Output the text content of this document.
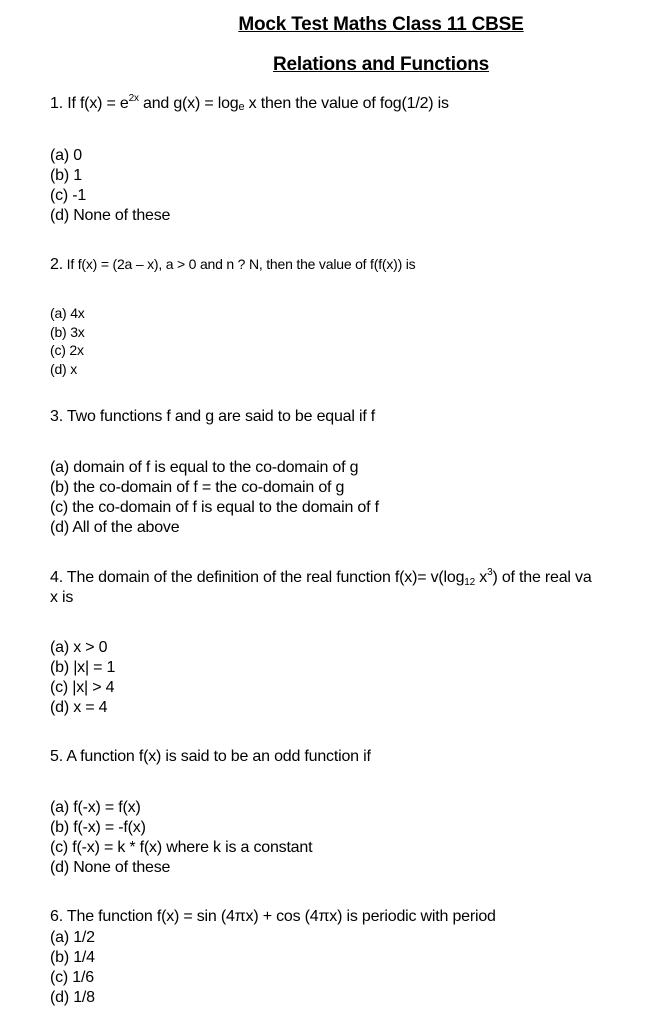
Mock Test Maths Class 11 CBSE
Relations and Functions
1. If $f(x) = e^{2x}$ and g(x) = loge x then the value of fog(1/2) is
(a) 0
(b) 1
(c) -1
(d) None of these
2. If f(x) = (2a – x), a > 0 and n ? N, then the value of f(f(x)) is
(a) 4x
(b) 3x
(c) 2x
(d) x
3. Two functions f and g are said to be equal if f
(a) domain of f is equal to the co-domain of g
(b) the co-domain of f = the co-domain of g
(c) the co-domain of f is equal to the domain of f
(d) All of the above
4. The domain of the definition of the real function $f(x)= v(\log_{12}$ $x^3$) of the real va
x is
(a) x > 0
(b) |x| = 1
(c) |x| > 4
(d) x = 4
5. A function f(x) is said to be an odd function if
(a) f(-x) = f(x)
(b) f(-x) = -f(x)
(c) f(-x) = k * f(x) where k is a constant
(d) None of these
6. The function f(x) = sin (4πx) + cos (4πx) is periodic with period
(a) 1/2
(b) 1/4
(c) 1/6
(d) 1/8
